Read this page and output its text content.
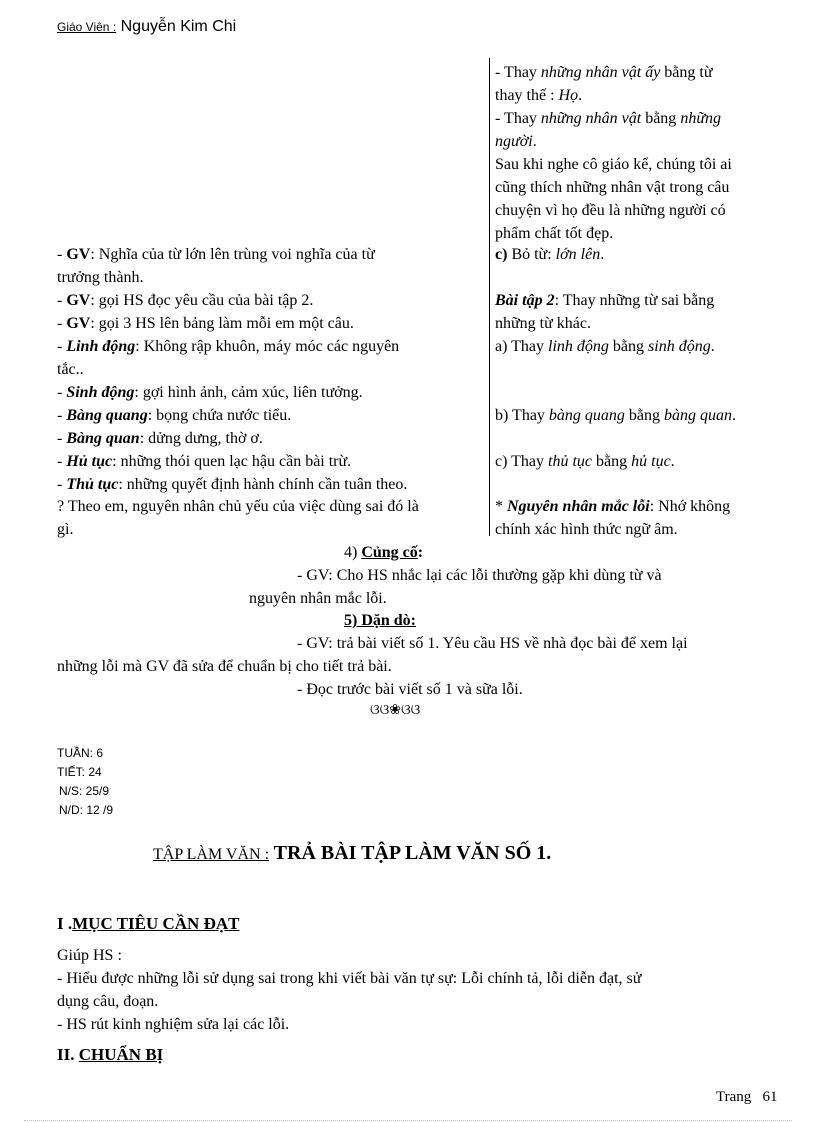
Giáo Viên : Nguyễn Kim Chi
- Thay những nhân vật ấy bằng từ
thay thế : Họ.
- Thay những nhân vật bằng những
người.
Sau khi nghe cô giáo kể, chúng tôi ai
cũng thích những nhân vật trong câu
chuyện vì họ đều là những người có
phẩm chất tốt đẹp.
c) Bỏ từ: lớn lên.
Bài tập 2: Thay những từ sai bằng
những từ khác.
a) Thay linh động bằng sinh động.
b) Thay bàng quang bằng bàng quan.
c) Thay thủ tục bằng hủ tục.
* Nguyên nhân mắc lỗi: Nhớ không
chính xác hình thức ngữ âm.
- GV: Nghĩa của từ lớn lên trùng voi nghĩa của từ
trưởng thành.
- GV: gọi HS đọc yêu cầu của bài tập 2.
- GV: gọi 3 HS lên bảng làm mỗi em một câu.
- Linh động: Không rập khuôn, máy móc các nguyên
tắc..
- Sinh động: gợi hình ảnh, cảm xúc, liên tưởng.
- Bàng quang: bọng chứa nước tiểu.
- Bàng quan: dửng dưng, thờ ơ.
- Hủ tục: những thói quen lạc hậu cần bài trừ.
- Thủ tục: những quyết định hành chính cần tuân theo.
? Theo em, nguyên nhân chủ yếu của việc dùng sai đó là
gì.
4) Củng cố:
- GV: Cho HS nhắc lại các lỗi thường gặp khi dùng từ và
nguyên nhân mắc lỗi.
5) Dặn dò:
- GV: trả bài viết số 1. Yêu cầu HS về nhà đọc bài để xem lại
những lỗi mà GV đã sửa để chuẩn bị cho tiết trả bài.
- Đọc trước bài viết số 1 và sữa lỗi.
ଓଓ❀ଓଓ
TUẦN: 6
TIẾT: 24
N/S: 25/9
N/D: 12 /9
TẬP LÀM VĂN : TRẢ BÀI TẬP LÀM VĂN SỐ 1.
I .MỤC TIÊU CẦN ĐẠT
Giúp HS :
- Hiểu được những lỗi sử dụng sai trong khi viết bài văn tự sự: Lỗi chính tả, lỗi diễn đạt, sử
dụng câu, đoạn.
- HS rút kinh nghiệm sửa lại các lỗi.
II. CHUẨN BỊ
Trang   61
